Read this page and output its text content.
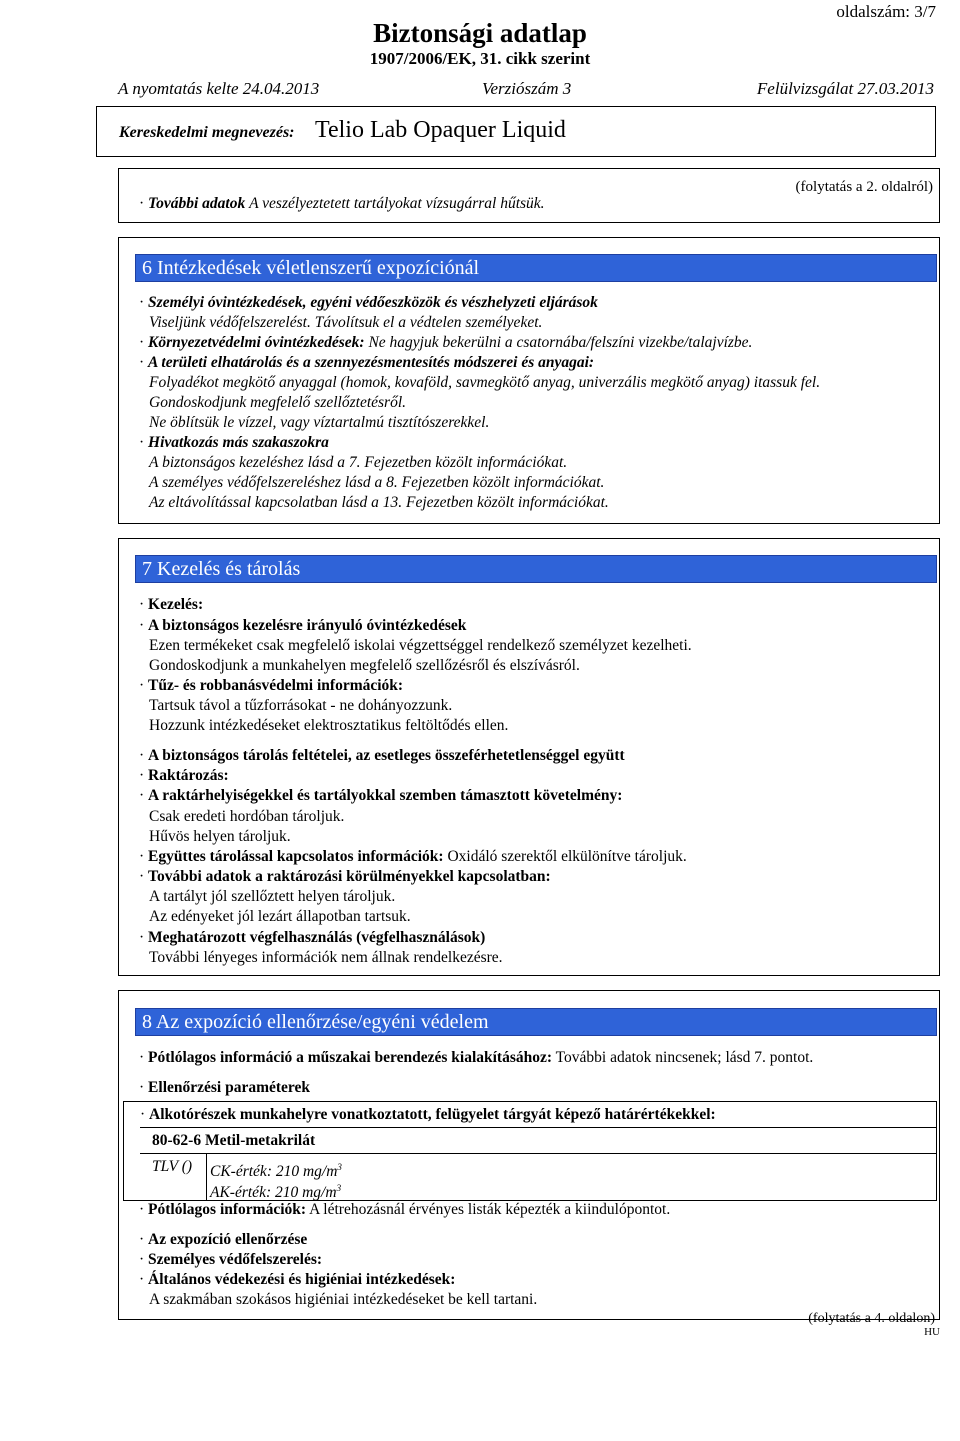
oldalszám: 3/7
Biztonsági adatlap
1907/2006/EK, 31. cikk szerint
A nyomtatás kelte 24.04.2013	Verziószám 3	Felülvizsgálat 27.03.2013
Kereskedelmi megnevezés: Telio Lab Opaquer Liquid
· További adatok A veszélyeztetett tartályokat vízsugárral hűtsük.
(folytatás a 2. oldalról)
6 Intézkedések véletlenszerű expozíciónál
· Személyi óvintézkedések, egyéni védőeszközök és vészhelyzeti eljárások
Viseljünk védőfelszerelést. Távolítsuk el a védtelen személyeket.
· Környezetvédelmi óvintézkedések: Ne hagyjuk bekerülni a csatornába/felszíni vizekbe/talajvízbe.
· A területi elhatárolás és a szennyezésmentesítés módszerei és anyagai:
Folyadékot megkötő anyaggal (homok, kovaföld, savmegkötő anyag, univerzális megkötő anyag) itassuk fel.
Gondoskodjunk megfelelő szellőztetésről.
Ne öblítsük le vízzel, vagy víztartalmú tisztítószerekkel.
· Hivatkozás más szakaszokra
A biztonságos kezeléshez lásd a 7. Fejezetben közölt információkat.
A személyes védőfelszereléshez lásd a 8. Fejezetben közölt információkat.
Az eltávolítással kapcsolatban lásd a 13. Fejezetben közölt információkat.
7 Kezelés és tárolás
· Kezelés:
· A biztonságos kezelésre irányuló óvintézkedések
Ezen termékeket csak megfelelő iskolai végzettséggel rendelkező személyzet kezelheti.
Gondoskodjunk a munkahelyen megfelelő szellőzésről és elszívásról.
· Tűz- és robbanásvédelmi információk:
Tartsuk távol a tűzforrásokat - ne dohányozzunk.
Hozzunk intézkedéseket elektrosztatikus feltöltődés ellen.
· A biztonságos tárolás feltételei, az esetleges összeférhetetlenséggel együtt
· Raktározás:
· A raktárhelyiségekkel és tartályokkal szemben támasztott követelmény:
Csak eredeti hordóban tároljuk.
Hűvös helyen tároljuk.
· Együttes tárolással kapcsolatos információk: Oxidáló szerektől elkülönítve tároljuk.
· További adatok a raktározási körülményekkel kapcsolatban:
A tartályt jól szellőztett helyen tároljuk.
Az edényeket jól lezárt állapotban tartsuk.
· Meghatározott végfelhasználás (végfelhasználások)
További lényeges információk nem állnak rendelkezésre.
8 Az expozíció ellenőrzése/egyéni védelem
· Pótlólagos információ a műszakai berendezés kialakításához: További adatok nincsenek; lásd 7. pontot.
· Ellenőrzési paraméterek
· Alkotórészek munkahelyre vonatkoztatott, felügyelet tárgyát képező határértékekkel:
80-62-6 Metil-metakrilát
TLV () CK-érték: 210 $mg/m^3$
AK-érték: 210 $mg/m^3$
· Pótlólagos információk: A létrehozásnál érvényes listák képezték a kiindulópontot.
· Az expozíció ellenőrzése
· Személyes védőfelszerelés:
· Általános védekezési és higiéniai intézkedések:
A szakmában szokásos higiéniai intézkedéseket be kell tartani.
(folytatás a 4. oldalon)
HU
